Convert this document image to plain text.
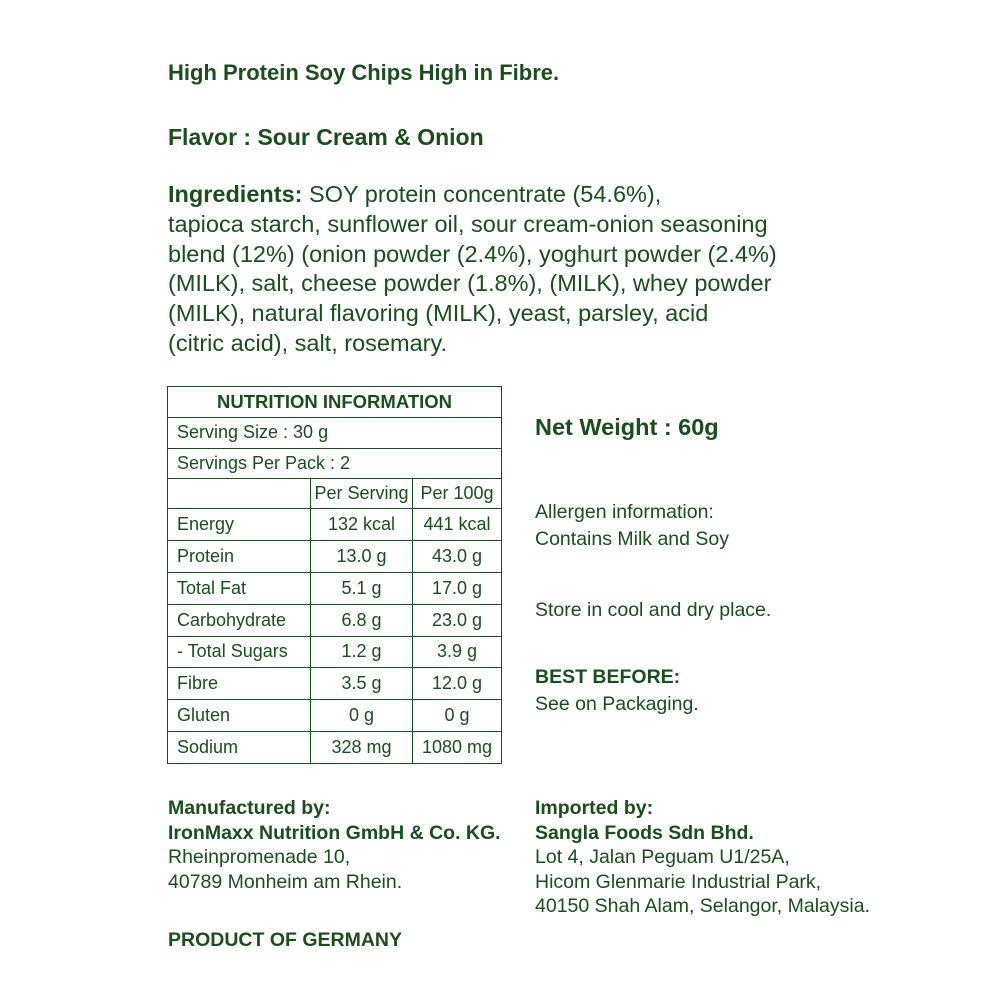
High Protein Soy Chips High in Fibre.
Flavor : Sour Cream & Onion
Ingredients: SOY protein concentrate (54.6%),
tapioca starch, sunflower oil, sour cream-onion seasoning
blend (12%) (onion powder (2.4%), yoghurt powder (2.4%)
(MILK), salt, cheese powder (1.8%), (MILK), whey powder
(MILK), natural flavoring (MILK), yeast, parsley, acid
(citric acid), salt, rosemary.
NUTRITION INFORMATION		
Serving Size : 30 g		
Servings Per Pack : 2		
	Per Serving	Per 100g
Energy	132 kcal	441 kcal
Protein	13.0 g	43.0 g
Total Fat	5.1 g	17.0 g
Carbohydrate	6.8 g	23.0 g
- Total Sugars	1.2 g	3.9 g
Fibre	3.5 g	12.0 g
Gluten	0 g	0 g
Sodium	328 mg	1080 mg
Net Weight : 60g
Allergen information:
Contains Milk and Soy
Store in cool and dry place.
BEST BEFORE:
See on Packaging.
Manufactured by:
IronMaxx Nutrition GmbH & Co. KG.
Rheinpromenade 10,
40789 Monheim am Rhein.
Imported by:
Sangla Foods Sdn Bhd.
Lot 4, Jalan Peguam U1/25A,
Hicom Glenmarie Industrial Park,
40150 Shah Alam, Selangor, Malaysia.
PRODUCT OF GERMANY
